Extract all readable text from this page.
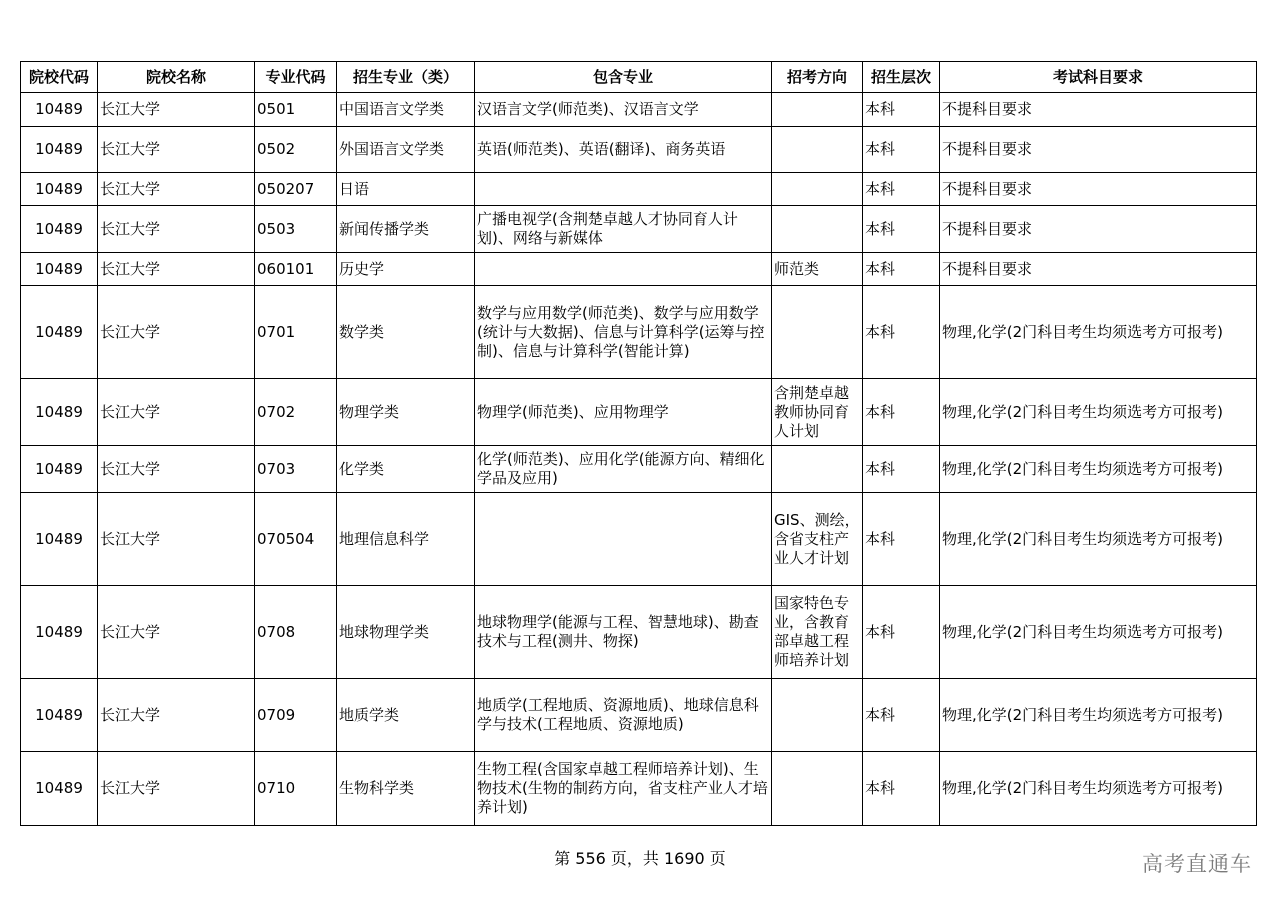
院校代码	院校名称	专业代码	招生专业（类）	包含专业	招考方向	招生层次	考试科目要求
10489	长江大学	0501	中国语言文学类	汉语言文学(师范类)、汉语言文学		本科	不提科目要求
10489	长江大学	0502	外国语言文学类	英语(师范类)、英语(翻译)、商务英语		本科	不提科目要求
10489	长江大学	050207	日语			本科	不提科目要求
10489	长江大学	0503	新闻传播学类	广播电视学(含荆楚卓越人才协同育人计划)、网络与新媒体		本科	不提科目要求
10489	长江大学	060101	历史学		师范类	本科	不提科目要求
10489	长江大学	0701	数学类	数学与应用数学(师范类)、数学与应用数学(统计与大数据)、信息与计算科学(运筹与控制)、信息与计算科学(智能计算)		本科	物理,化学(2门科目考生均须选考方可报考)
10489	长江大学	0702	物理学类	物理学(师范类)、应用物理学	含荆楚卓越教师协同育人计划	本科	物理,化学(2门科目考生均须选考方可报考)
10489	长江大学	0703	化学类	化学(师范类)、应用化学(能源方向、精细化学品及应用)		本科	物理,化学(2门科目考生均须选考方可报考)
10489	长江大学	070504	地理信息科学		GIS、测绘，含省支柱产业人才计划	本科	物理,化学(2门科目考生均须选考方可报考)
10489	长江大学	0708	地球物理学类	地球物理学(能源与工程、智慧地球)、勘查技术与工程(测井、物探)	国家特色专业，含教育部卓越工程师培养计划	本科	物理,化学(2门科目考生均须选考方可报考)
10489	长江大学	0709	地质学类	地质学(工程地质、资源地质)、地球信息科学与技术(工程地质、资源地质)		本科	物理,化学(2门科目考生均须选考方可报考)
10489	长江大学	0710	生物科学类	生物工程(含国家卓越工程师培养计划)、生物技术(生物的制药方向，省支柱产业人才培养计划)		本科	物理,化学(2门科目考生均须选考方可报考)
第 556 页，共 1690 页	高考直通车
